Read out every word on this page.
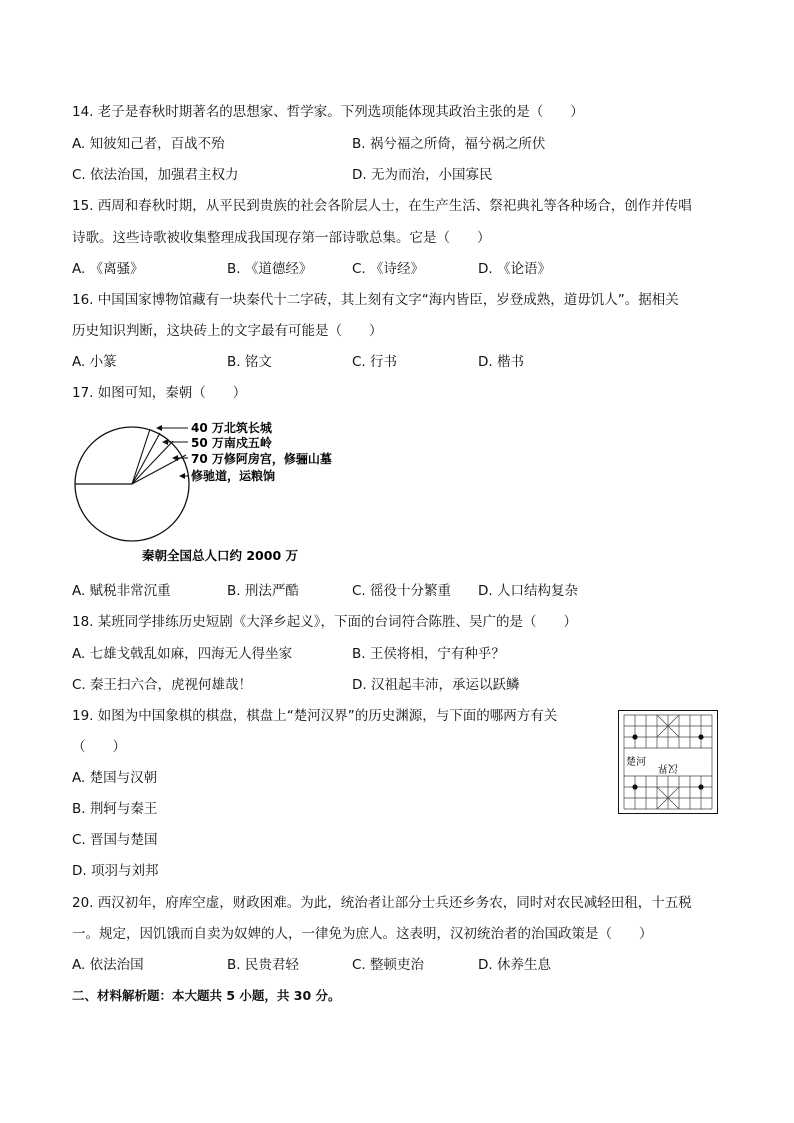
14. 老子是春秋时期著名的思想家、哲学家。下列选项能体现其政治主张的是（　　）
A. 知彼知己者，百战不殆	B. 祸兮福之所倚，福兮祸之所伏
C. 依法治国，加强君主权力	D. 无为而治，小国寡民
15. 西周和春秋时期，从平民到贵族的社会各阶层人士，在生产生活、祭祀典礼等各种场合，创作并传唱
诗歌。这些诗歌被收集整理成我国现存第一部诗歌总集。它是（　　）
A. 《离骚》	B. 《道德经》	C. 《诗经》	D. 《论语》
16. 中国国家博物馆藏有一块秦代十二字砖，其上刻有文字“海内皆臣，岁登成熟，道毋饥人”。据相关
历史知识判断，这块砖上的文字最有可能是（　　）
A. 小篆	B. 铭文	C. 行书	D. 楷书
17. 如图可知，秦朝（　　）
40 万北筑长城
50 万南戍五岭
70 万修阿房宫，修骊山墓
修驰道，运粮饷
秦朝全国总人口约 2000 万
A. 赋税非常沉重	B. 刑法严酷	C. 徭役十分繁重 D. 人口结构复杂
18. 某班同学排练历史短剧《大泽乡起义》，下面的台词符合陈胜、吴广的是（　　）
A. 七雄戈戟乱如麻，四海无人得坐家	B. 王侯将相，宁有种乎？
C. 秦王扫六合，虎视何雄哉！	D. 汉祖起丰沛，承运以跃鳞
19. 如图为中国象棋的棋盘，棋盘上“楚河汉界”的历史渊源，与下面的哪两方有关
（　　）
A. 楚国与汉朝
B. 荆轲与秦王
C. 晋国与楚国
D. 项羽与刘邦
楚河 汉界
20. 西汉初年，府库空虚，财政困难。为此，统治者让部分士兵还乡务农，同时对农民减轻田租，十五税
一。规定，因饥饿而自卖为奴婢的人，一律免为庶人。这表明，汉初统治者的治国政策是（　　）
A. 依法治国	B. 民贵君轻	C. 整顿吏治	D. 休养生息
二、材料解析题：本大题共 5 小题，共 30 分。
